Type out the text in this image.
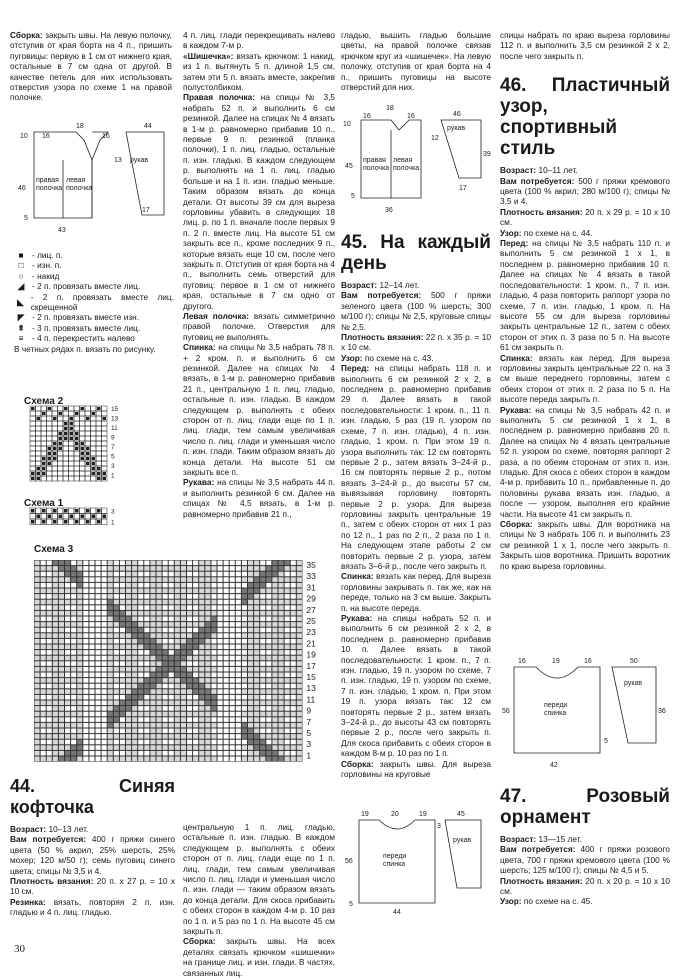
Сборка: закрыть швы. На левую полочку, отступив от края борта на 4 п., пришить пуговицы: первую в 1 см от нижнего края, остальные в 7 см одна от другой. В качестве петель для них использовать отверстия узора по схеме 1 на правой полочке.

18
10 16	16
44
13
46
5
17
43
рукав
правая
полочка
левая
полочка
■	- лиц. п.
□	- изн. п.
○	- накид
◢ - 2 п. провязать вместе лиц.
◣
- 2 п. провязать вместе лиц. скрещенной
◤ - 2 п. провязать вместе изн.
⇞ - 3 п. провязать вместе лиц.
≡	- 4 п. перекрестить налево

В четных рядах п. вязать по рисунку.

Схема 2
15
13
11
9
7
5
3
1
Схема 1
3
1
Схема 3
35
33
31
29
27
25
23
21
19
17
15
13
11
9
7
5
3
1
44. Синяя кофточка

Возраст: 10–13 лет.

Вам потребуется: 400 г пряжи синего цвета (50 % акрил, 25% шерсть, 25% мохер; 120 м/50 г); семь пуговиц синего цвета; спицы № 3,5 и 4.

Плотность вязания: 20 п. х 27 р. = 10 х 10 см.

Резинка: вязать, повторяя 2 п. изн. гладью и 4 п. лиц. гладью.

4 п. лиц. глади перекрещивать налево в каждом 7-м р.

«Шишечка»: вязать крючком: 1 накид, из 1 п. вытянуть 5 п. длиной 1,5 см, затем эти 5 п. вязать вместе, закрепив полустолбиком.

Правая полочка: на спицы № 3,5 набрать 52 п. и выполнить 6 см резинкой. Далее на спицах № 4 вязать в 1-м р. равномерно прибавив 10 п., первые 9 п. резинкой (планка полочки), 1 п. лиц. гладью, остальные п. изн. гладью. В каждом следующем р. выполнять на 1 п. лиц. гладью больше и на 1 п. изн. гладью меньше. Таким образом вязать до конца детали. От высоты 39 см для выреза горловины убавить в следующих 18 лиц. р. по 1 п. вначале после первых 9 п. 2 п. вместе лиц. На высоте 51 см закрыть все п., кроме последних 9 п., которые вязать еще 10 см, после чего закрыть п. Отступив от края борта на 4 п., выполнить семь отверстий для пуговиц: первое в 1 см от нижнего края, остальные в 7 см одно от другого.

Левая полочка: вязать симметрично правой полочке. Отверстия для пуговиц не выполнять.

Спинка: на спицы № 3,5 набрать 78 п. + 2 кром. п. и выполнить 6 см резинкой. Далее на спицах № 4 вязать, в 1-м р. равномерно прибавив 21 п., центральную 1 п. лиц. гладью, остальные п. изн. гладью. В каждом следующем р. выполнять с обеих сторон от п. лиц. глади еще по 1 п. лиц. глади, тем самым увеличивая число п. лиц. глади и уменьшая число п. изн. глади. Таким образом вязать до конца детали. На высоте 51 см закрыть все п.

Рукава: на спицы № 3,5 набрать 44 п. и выполнить резинкой 6 см. Далее на спицах № 4,5 вязать, в 1-м р. равномерно прибавив 21 п.,

центральную 1 п. лиц. гладью, остальные п. изн. гладью. В каждом следующем р. выполнять с обеих сторон от п. лиц. глади еще по 1 п. лиц. глади, тем самым увеличивая число п. лиц. глади и уменьшая число п. изн. глади — таким образом вязать до конца детали. Для скоса прибавить с обеих сторон в каждом 4-м р. 10 раз по 1 п. и 5 раз по 1 п. На высоте 45 см закрыть п.

Сборка: закрыть швы. На всех деталях связать крючком «шишечки» на границе лиц. и изн. глади. В частях, связанных лиц.

гладью, вышить гладью большие цветы, на правой полочке связав крючком круг из «шишечек». На левую полочку, отступив от края борта на 4 п., пришить пуговицы на высоте отверстий для них.

18
10
16	16	46
12
45
39
17
5
36
рукав
правая
полочка
левая
полочка
45. На каждый день

Возраст: 12–14 лет.

Вам потребуется: 500 г пряжи зеленого цвета (100 % шерсть; 300 м/100 г); спицы № 2,5, круговые спицы № 2,5.

Плотность вязания: 22 п. х 35 р. = 10 х 10 см.

Узор: по схеме на с. 43.

Перед: на спицы набрать 118 п. и выполнить 6 см резинкой 2 х 2, в последнем р. равномерно прибавив 29 п. Далее вязать в такой последовательности: 1 кром. п., 11 п. изн. гладью, 5 раз (19 п. узором по схеме, 7 п. изн. гладью), 4 п. изн. гладью, 1 кром. п. При этом 19 п. узора выполнить так: 12 см повторять первые 2 р., затем вязать 3–24-й р., 16 см повторять первые 2 р., потом вязать 3–24-й р., до высоты 57 см, вывязывая горловину повторять первые 2 р. узора. Для выреза горловины закрыть центральные 19 п., затем с обеих сторон от них 1 раз по 12 п., 1 раз по 2 п., 2 раза по 1 п. На следующем этапе работы 2 см повторить первые 2 р. узора, затем вязать 3–6-й р., после чего закрыть п.

Спинка: вязать как перед. Для выреза горловины закрывать п. так же, как на переде, только на 3 см выше. Закрыть п. на высоте переда.

Рукава: на спицы набрать 52 п. и выполнить 6 см резинкой 2 х 2, в последнем р. равномерно прибавив 10 п. Далее вязать в такой последовательности: 1 кром. п., 7 п. изн. гладью, 19 п. узором по схеме, 7 п. изн. гладью, 19 п. узором по схеме, 7 п. изн. гладью, 1 кром. п. При этом 19 п. узора вязать так: 12 см повторять первые 2 р., затем вязать 3–24-й р., до высоты 43 см повторять первые 2 р., после чего закрыть п. Для скоса прибавить с обеих сторон в каждом 8-м р. 10 раз по 1 п.

Сборка: закрыть швы. Для выреза горловины на круговые

19	20	19	45
56
3
44
5
рукав
переди
спинка

спицы набрать по краю выреза горловины 112 п. и выполнить 3,5 см резинкой 2 х 2, после чего закрыть п.

46. Пластичный узор, спортивный стиль

Возраст: 10–11 лет.

Вам потребуется: 500 г пряжи кремового цвета (100 % акрил; 280 м/100 г); спицы № 3,5 и 4.

Плотность вязания: 20 п. х 29 р. = 10 х 10 см.

Узор: по схеме на с. 44.

Перед: на спицы № 3,5 набрать 110 п. и выполнить 5 см резинкой 1 х 1, в последнем р. равномерно прибавив 10 п. Далее на спицах № 4 вязать в такой последовательности: 1 кром. п., 7 п. изн. гладью, 4 раза повторить раппорт узора по схеме, 7 п. изн. гладью, 1 кром. п. На высоте 55 см для выреза горловины закрыть центральные 12 п., затем с обеих сторон от этих п. 3 раза по 5 п. На высоте 61 см закрыть п.

Спинка: вязать как перед. Для выреза горловины закрыть центральные 22 п. на 3 см выше переднего горловины, затем с обеих сторон от этих п. 2 раза по 5 п. На высоте переда закрыть п.

Рукава: на спицы № 3,5 набрать 42 п. и выполнить 5 см резинкой 1 х 1, в последнем р. равномерно прибавив 20 п. Далее на спицах № 4 вязать центральные 52 п. узором по схеме, повторяя раппорт 2 раза, а по обеим сторонам от этих п. изн. гладью. Для скоса с обеих сторон в каждом 4-м р. прибавить 10 п., прибавленные п. до половины рукава вязать изн. гладью, а после — узором, выполняя его крайние части. На высоте 41 см закрыть п.

Сборка: закрыть швы. Для воротника на спицы № 3 набрать 106 п. и выполнить 23 см резинкой 1 х 1, после чего закрыть п. Закрыть шов воротника. Пришить воротник по краю выреза горловины.

16	19	16	50
56	36
5
42
рукав
переди
спинка
47. Розовый орнамент

Возраст: 13—15 лет.

Вам потребуется: 400 г пряжи розового цвета, 700 г пряжи кремового цвета (100 % шерсть; 125 м/100 г); спицы № 4,5 и 5.

Плотность вязания: 20 п. х 20 р. = 10 х 10 см.

Узор: по схеме на с. 45.

30
